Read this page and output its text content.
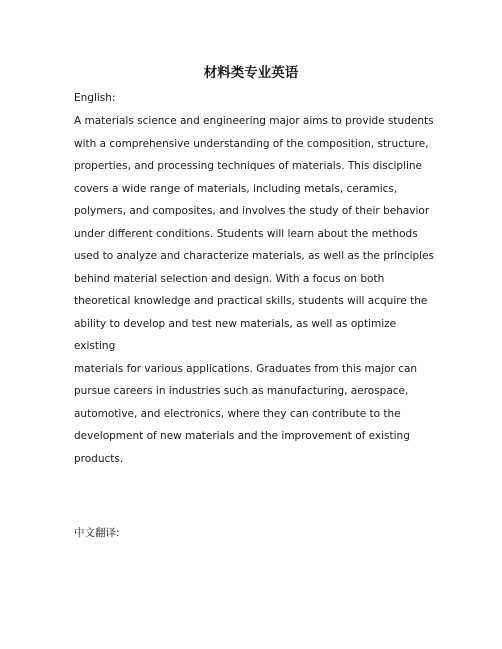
材料类专业英语
English:

A materials science and engineering major aims to provide students
with a comprehensive understanding of the composition, structure,
properties, and processing techniques of materials. This discipline
covers a wide range of materials, including metals, ceramics,
polymers, and composites, and involves the study of their behavior
under different conditions. Students will learn about the methods
used to analyze and characterize materials, as well as the principles
behind material selection and design. With a focus on both
theoretical knowledge and practical skills, students will acquire the
ability to develop and test new materials, as well as optimize existing
materials for various applications. Graduates from this major can
pursue careers in industries such as manufacturing, aerospace,
automotive, and electronics, where they can contribute to the
development of new materials and the improvement of existing
products.

中文翻译:
